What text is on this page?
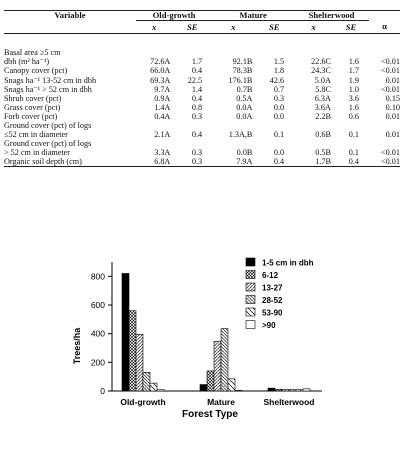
Variable	Old-growth		Mature		Shelterwood		
	x	SE	x	SE	x	SE	α

Basal area ≥5 cm							
dbh (m² ha⁻¹)	72.6A	1.7	92.1B	1.5	22.6C	1.6	<0.01
Canopy cover (pct)	66.0A	0.4	78.3B	1.8	24.3C	1.7	<0.01
Snags ha⁻¹ 13-52 cm in dbh	69.3A	22.5	176.1B	42.6	5.0A	1.9	0.01
Snags ha⁻¹ > 52 cm in dbh	9.7A	1.4	0.7B	0.7	5.8C	1.0	<0.01
Shrub cover (pct)	0.9A	0.4	0.5A	0.3	6.3A	3.6	0.15
Grass cover (pct)	1.4A	0.8	0.0A	0.0	3.6A	1.6	0.10
Forb cover (pct)	0.4A	0.3	0.0A	0.0	2.2B	0.6	0.01
Ground cover (pct) of logs							
≤52 cm in diameter	2.1A	0.4	1.3A,B	0.1	0.6B	0.1	0.01
Ground cover (pct) of logs							
> 52 cm in diameter	3.3A	0.3	0.0B	0.0	0.5B	0.1	<0.01
Organic soil depth (cm)	6.8A	0.3	7.9A	0.4	1.7B	0.4	<0.01
0
200
400
600
800
Old-growth	Mature	Shelterwood
1-5 cm in dbh
6-12
13-27
28-52
53-90
>90
Trees/ha
Forest Type
